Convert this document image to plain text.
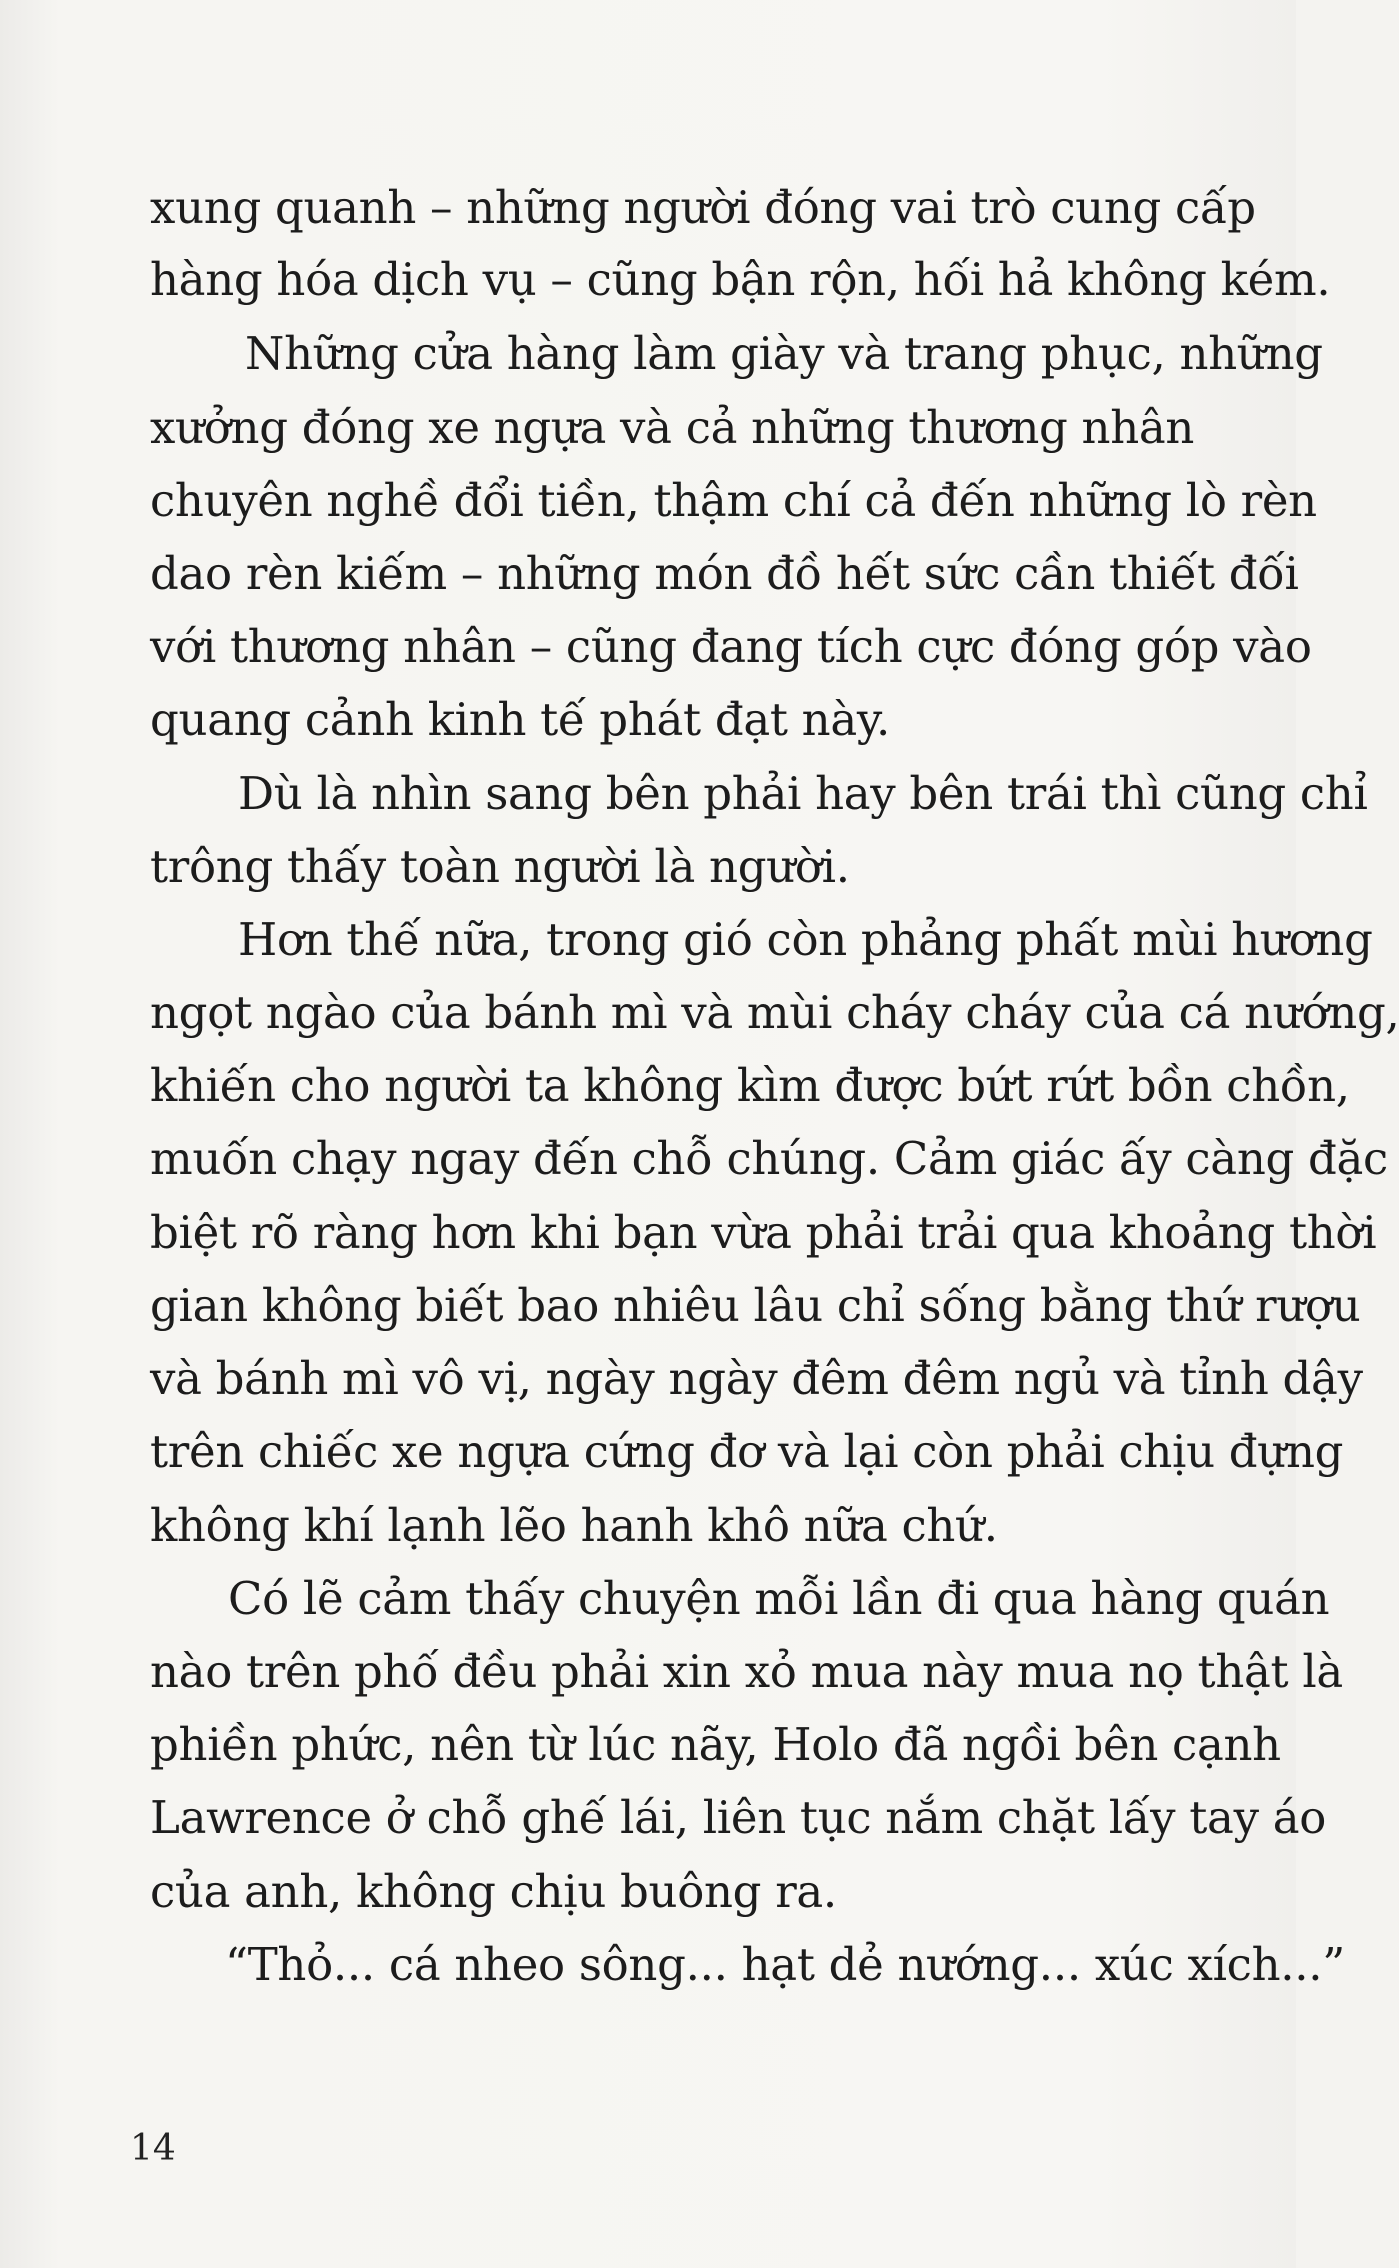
xung quanh – những người đóng vai trò cung cấp
hàng hóa dịch vụ – cũng bận rộn, hối hả không kém.
Những cửa hàng làm giày và trang phục, những
xưởng đóng xe ngựa và cả những thương nhân
chuyên nghề đổi tiền, thậm chí cả đến những lò rèn
dao rèn kiếm – những món đồ hết sức cần thiết đối
với thương nhân – cũng đang tích cực đóng góp vào
quang cảnh kinh tế phát đạt này.
Dù là nhìn sang bên phải hay bên trái thì cũng chỉ
trông thấy toàn người là người.
Hơn thế nữa, trong gió còn phảng phất mùi hương
ngọt ngào của bánh mì và mùi cháy cháy của cá nướng,
khiến cho người ta không kìm được bứt rứt bồn chồn,
muốn chạy ngay đến chỗ chúng. Cảm giác ấy càng đặc
biệt rõ ràng hơn khi bạn vừa phải trải qua khoảng thời
gian không biết bao nhiêu lâu chỉ sống bằng thứ rượu
và bánh mì vô vị, ngày ngày đêm đêm ngủ và tỉnh dậy
trên chiếc xe ngựa cứng đơ và lại còn phải chịu đựng
không khí lạnh lẽo hanh khô nữa chứ.
Có lẽ cảm thấy chuyện mỗi lần đi qua hàng quán
nào trên phố đều phải xin xỏ mua này mua nọ thật là
phiền phức, nên từ lúc nãy, Holo đã ngồi bên cạnh
Lawrence ở chỗ ghế lái, liên tục nắm chặt lấy tay áo
của anh, không chịu buông ra.
“Thỏ... cá nheo sông... hạt dẻ nướng... xúc xích...”
14
